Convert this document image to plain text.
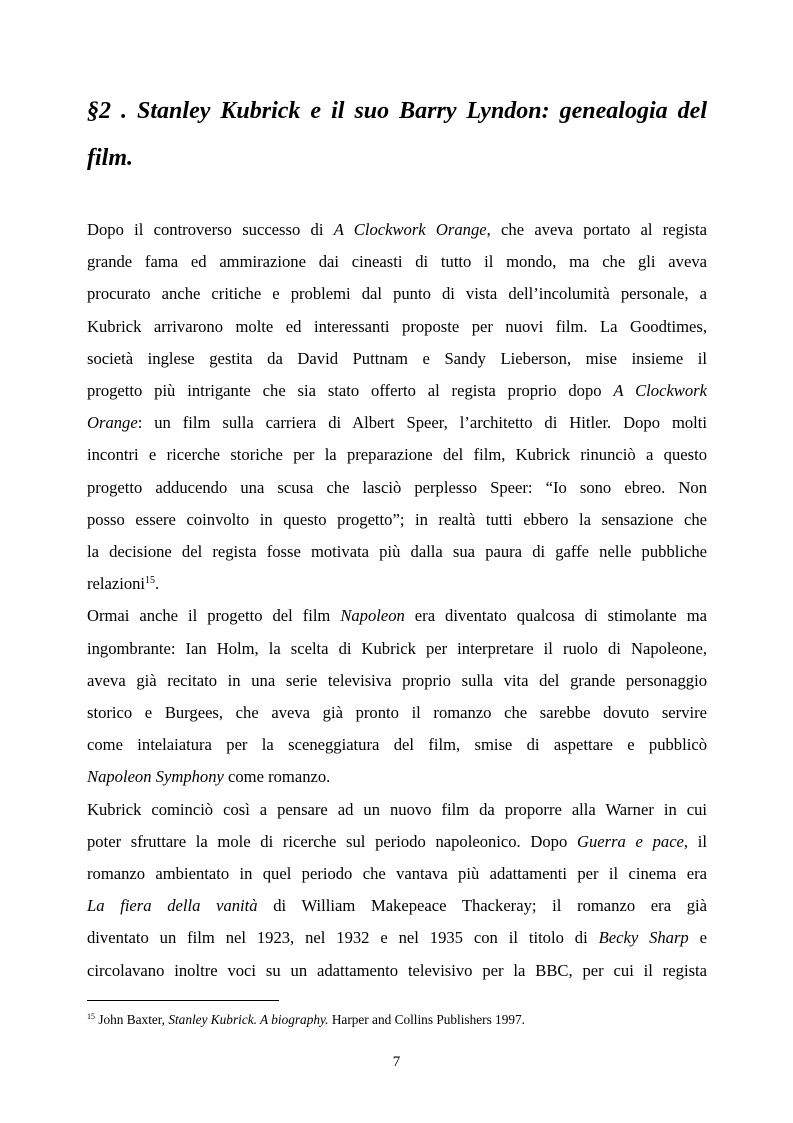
§2 . Stanley Kubrick e il suo Barry Lyndon: genealogia del
film.
Dopo il controverso successo di A Clockwork Orange, che aveva portato al regista
grande fama ed ammirazione dai cineasti di tutto il mondo, ma che gli aveva
procurato anche critiche e problemi dal punto di vista dell’incolumità personale, a
Kubrick arrivarono molte ed interessanti proposte per nuovi film. La Goodtimes,
società inglese gestita da David Puttnam e Sandy Lieberson, mise insieme il
progetto più intrigante che sia stato offerto al regista proprio dopo A Clockwork
Orange: un film sulla carriera di Albert Speer, l’architetto di Hitler. Dopo molti
incontri e ricerche storiche per la preparazione del film, Kubrick rinunciò a questo
progetto adducendo una scusa che lasciò perplesso Speer: “Io sono ebreo. Non
posso essere coinvolto in questo progetto”; in realtà tutti ebbero la sensazione che
la decisione del regista fosse motivata più dalla sua paura di gaffe nelle pubbliche
relazioni$^{15}$.
Ormai anche il progetto del film Napoleon era diventato qualcosa di stimolante ma
ingombrante: Ian Holm, la scelta di Kubrick per interpretare il ruolo di Napoleone,
aveva già recitato in una serie televisiva proprio sulla vita del grande personaggio
storico e Burgees, che aveva già pronto il romanzo che sarebbe dovuto servire
come intelaiatura per la sceneggiatura del film, smise di aspettare e pubblicò
Napoleon Symphony come romanzo.
Kubrick cominciò così a pensare ad un nuovo film da proporre alla Warner in cui
poter sfruttare la mole di ricerche sul periodo napoleonico. Dopo Guerra e pace, il
romanzo ambientato in quel periodo che vantava più adattamenti per il cinema era
La fiera della vanità di William Makepeace Thackeray; il romanzo era già
diventato un film nel 1923, nel 1932 e nel 1935 con il titolo di Becky Sharp e
circolavano inoltre voci su un adattamento televisivo per la BBC, per cui il regista

$^{15}$ John Baxter, Stanley Kubrick. A biography. Harper and Collins Publishers 1997.

7
